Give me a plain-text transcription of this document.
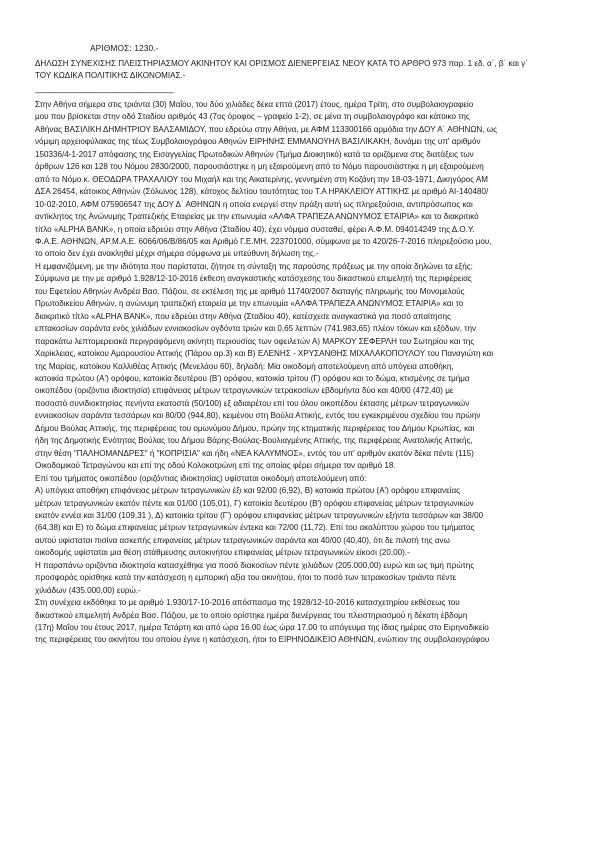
ΑΡΙΘΜΟΣ: 1230.-
ΔΗΛΩΣΗ ΣΥΝΕΧΙΣΗΣ ΠΛΕΙΣΤΗΡΙΑΣΜΟΥ ΑΚΙΝΗΤΟΥ ΚΑΙ ΟΡΙΣΜΟΣ ΔΙΕΝΕΡΓΕΙΑΣ ΝΕΟΥ ΚΑΤΑ ΤΟ ΑΡΘΡΟ 973 παρ. 1 εδ. α΄, β΄ και γ΄
ΤΟΥ ΚΩΔΙΚΑ ΠΟΛΙΤΙΚΗΣ ΔΙΚΟΝΟΜΙΑΣ.-
------------------------------------------------------------------
Στην Αθήνα σήμερα στις τριάντα (30) Μαΐου, του δύο χιλιάδες δέκα επτά (2017) έτους, ημέρα Τρίτη, στο συμβολαιογραφείο
μου που βρίσκεται στην οδό Σταδίου αριθμός 43 (7ος όροφος – γραφείο 1-2), σε μένα τη συμβολαιογράφο και κάτοικο της
Αθήνας ΒΑΣΙΛΙΚΗ ΔΗΜΗΤΡΙΟΥ ΒΑΛΣΑΜΙΔΟΥ, που εδρεύω στην Αθήνα, με ΑΦΜ 113300166 αρμόδια την ΔΟΥ Α΄ ΑΘΗΝΩΝ, ως
νόμιμη αρχειοφύλακας της τέως Συμβολαιογράφου Αθηνών ΕΙΡΗΝΗΣ ΕΜΜΑΝΟΥΗΛ ΒΑΣΙΛΙΚΑΚΗ, δυνάμει της υπ' αριθμόν
150336/4-1-2017 απόφασης της Εισαγγελίας Πρωτοδικών Αθηνών (Τμήμα Διοικητικό) κατά τα οριζόμενα στις διατάξεις των
άρθρων 126 και 128 του Νόμου 2830/2000, παρουσιάστηκε η μη εξαιρούμενη από το Νόμο παρουσιάστηκε η μη εξαιρούμενη
από το Νόμο κ. ΘΕΟΔΩΡΑ ΤΡΑΧΑΛΙΟΥ του Μιχαήλ και της Αικατερίνης, γεννημένη στη Κοζάνη την 18-03-1971, Δικηγόρος ΑΜ
ΔΣΑ 26454, κάτοικος Αθηνών (Σόλωνος 128), κάτοχος δελτίου ταυτότητας του Τ.Α ΗΡΑΚΛΕΙΟΥ ΑΤΤΙΚΗΣ με αριθμό ΑΙ-140480/
10-02-2010, ΑΦΜ 075906547 της ΔΟΥ Δ΄ ΑΘΗΝΩΝ η οποία ενεργεί στην πράξη αυτή ως πληρεξούσια, αντιπρόσωπος και
αντίκλητος της Ανώνυμης Τραπεζικής Εταιρείας με την επωνυμία «ΑΛΦΑ ΤΡΑΠΕΖΑ ΑΝΩΝΥΜΟΣ ΕΤΑΙΡΙΑ» και το διακριτικό
τίτλο «ALPHA BANK», η οποία εδρεύει στην Αθήνα (Σταδίου 40), έχει νόμιμα συσταθεί, φέρει Α.Φ.Μ. 094014249 της Δ.Ο.Υ.
Φ.Α.Ε. ΑΘΗΝΩΝ, ΑΡ.Μ.Α.Ε. 6066/06/Β/86/05 και Αριθμό Γ.Ε.ΜΗ. 223701000, σύμφωνα με το 420/26-7-2016 πληρεξούσιο μου,
το οποίο δεν έχει ανακληθεί μέχρι σήμερα σύμφωνα με υπεύθυνη δήλωση της.-
Η εμφανιζόμενη, με την ιδιότητα που παρίσταται, ζήτησε τη σύνταξη της παρούσης πράξεως με την οποία δηλώνει τα εξής:
Σύμφωνα με την με αριθμό 1.928/12-10-2016 έκθεση αναγκαστικής κατάσχεσης του δικαστικού επιμελητή της περιφέρειας
του Εφετείου Αθηνών Ανδρέα Βασ. Πάζιου, σε εκτέλεση της με αριθμό 11740/2007 διαταγής πληρωμής του Μονομελούς
Πρωτοδικείου Αθηνών, η ανώνυμη τραπεζική εταιρεία με την επωνυμία «ΑΛΦΑ ΤΡΑΠΕΖΑ ΑΝΩΝΥΜΟΣ ΕΤΑΙΡΙΑ» και το
διακριτικό τίτλο «ALPHA BANK», που εδρεύει στην Αθήνα (Σταδίου 40), κατέσχεσε αναγκαστικά για ποσό απαίτησης
επτακοσίων σαράντα ενός χιλιάδων εννιακοσίων ογδόντα τριών και 0,65 λεπτών (741.983,65) πλέον τόκων και εξόδων, την
παρακάτω λεπτομερειακά περιγραφόμενη ακίνητη περιουσίας των οφειλετών Α) ΜΑΡΚΟΥ ΣΕΦΕΡΛΗ του Σωτηρίου και της
Χαρίκλειας, κατοίκου Αμαρουσίου Αττικής (Πάρου αρ.3) και Β) ΕΛΕΝΗΣ - ΧΡΥΣΑΝΘΗΣ ΜΙΧΑΛΑΚΟΠΟΥΛΟΥ του Παναγιώτη και
της Μαρίας, κατοίκου Καλλιθέας Αττικής (Μενελάου 60), δηλαδή: Μία οικοδομή αποτελούμενη από υπόγεια αποθήκη,
κατοικία πρώτου (Α') ορόφου, κατοικία δευτέρου (Β') ορόφου, κατοικία τρίτου (Γ) ορόφου και το δώμα, κτισμένης σε τμήμα
οικοπέδου (οριζόντια ιδιοκτησία) επιφάνειας μέτρων τετραγωνικών τετρακοσίων εβδομήντα δύο και 40/00 (472,40) με
ποσοστό συνιδιοκτησίας πενήντα εκατοστά (50/100) εξ αδιαιρέτου επί του όλου οικοπέδου έκτασης μέτρων τετραγωνικών
εννιακοσίων σαράντα τεσσάρων και 80/00 (944,80), κειμένου στη Βούλα Αττικής, εντός του εγκεκριμένου σχεδίου του πρώην
Δήμου Βούλας Αττικής, της περιφέρειας του ομωνύμου Δήμου, πρώην της κτηματικής περιφέρειας του Δήμου Κρωπίας, και
ήδη της Δημοτικής Ενότητας Βούλας του Δήμου Βάρης-Βούλας-Βουλιαγμένης Αττικής, της περιφέρειας Ανατολικής Αττικής,
στην θέση "ΠΑΛΗΟΜΑΝΔΡΕΣ" ή "ΚΟΠΡΙΣΙΑ" και ήδη «ΝΕΑ ΚΑΛΥΜΝΟΣ», εντός του υπ' αριθμόν εκατόν δέκα πέντε (115)
Οικοδομικού Τετραγώνου και επί της οδού Κολοκοτρώνη επί της οποίας φέρει σήμερα τον αριθμό 18.
Επί του τμήματος οικοπέδου (οριζόντιας ιδιοκτησίας) υφίσταται οικοδομή αποτελούμενη από:
Α) υπόγεια αποθήκη επιφάνειας μέτρων τετραγωνικών έξι και 92/00 (6,92), Β) κατοικία πρώτου (Α') ορόφου επιφανείας
μέτρων τετραγωνικών εκατόν πέντε και 01/00 (105,01), Γ) κατοικία δευτέρου (Β') ορόφου επιφανείας μέτρων τετραγωνικών
εκατόν εννέα και 31/00 (109,31 ), Δ) κατοικία τρίτου (Γ') ορόφου επιφανείας μέτρων τετραγωνικών εξήντα τεσσάρων και 38/00
(64,38) και Ε) το δώμα επιφανείας μέτρων τετραγωνικών έντεκα και 72/00 (11,72). Επί του ακαλύπτου χώρου του τμήματος
αυτού υφίσταται πισίνα ασκεπής επιφανείας μέτρων τετραγωνικών σαράντα και 40/00 (40,40), ότι δε πιλοτή της ανω
οικοδομής υφίσταται μια θέση στάθμευσης αυτοκινήτου επιφανείας μέτρων τετραγωνικών είκοσι (20,00).-
Η παραπάνω οριζόντια ιδιοκτησία κατασχέθηκε για ποσό διακοσίων πέντε χιλιάδων (205.000,00) ευρώ και ως τιμή πρώτης
προσφοράς ορίσθηκε κατά την κατάσχεση η εμπορική αξία του ακινήτου, ήτοι το ποσό των τετρακοσίων τριάντα πέντε
χιλιάδων (435.000,00) ευρώ.-
Στη συνέχεια εκδόθηκε το με αριθμό 1.930/17-10-2016 απόσπασμα της 1928/12-10-2016 κατασχετηρίου εκθέσεως του
δικαστικού επιμελητή Ανδρέα Βασ. Πάζιου, με το οποίο ορίστηκε ημέρα διενέργειας του πλειστηριασμού η δέκατη έβδομη
(17η) Μαΐου του έτους 2017, ημέρα Τετάρτη και από ώρα 16.00 έως ώρα 17.00 το απόγευμα της ίδιας ημέρας στο Ειρηνοδικείο
της περιφέρειας του ακινήτου του οποίου έγινε η κατάσχεση, ήτοι το ΕΙΡΗΝΟΔΙΚΕΙΟ ΑΘΗΝΩΝ, ενώπιον της συμβολαιογράφου
